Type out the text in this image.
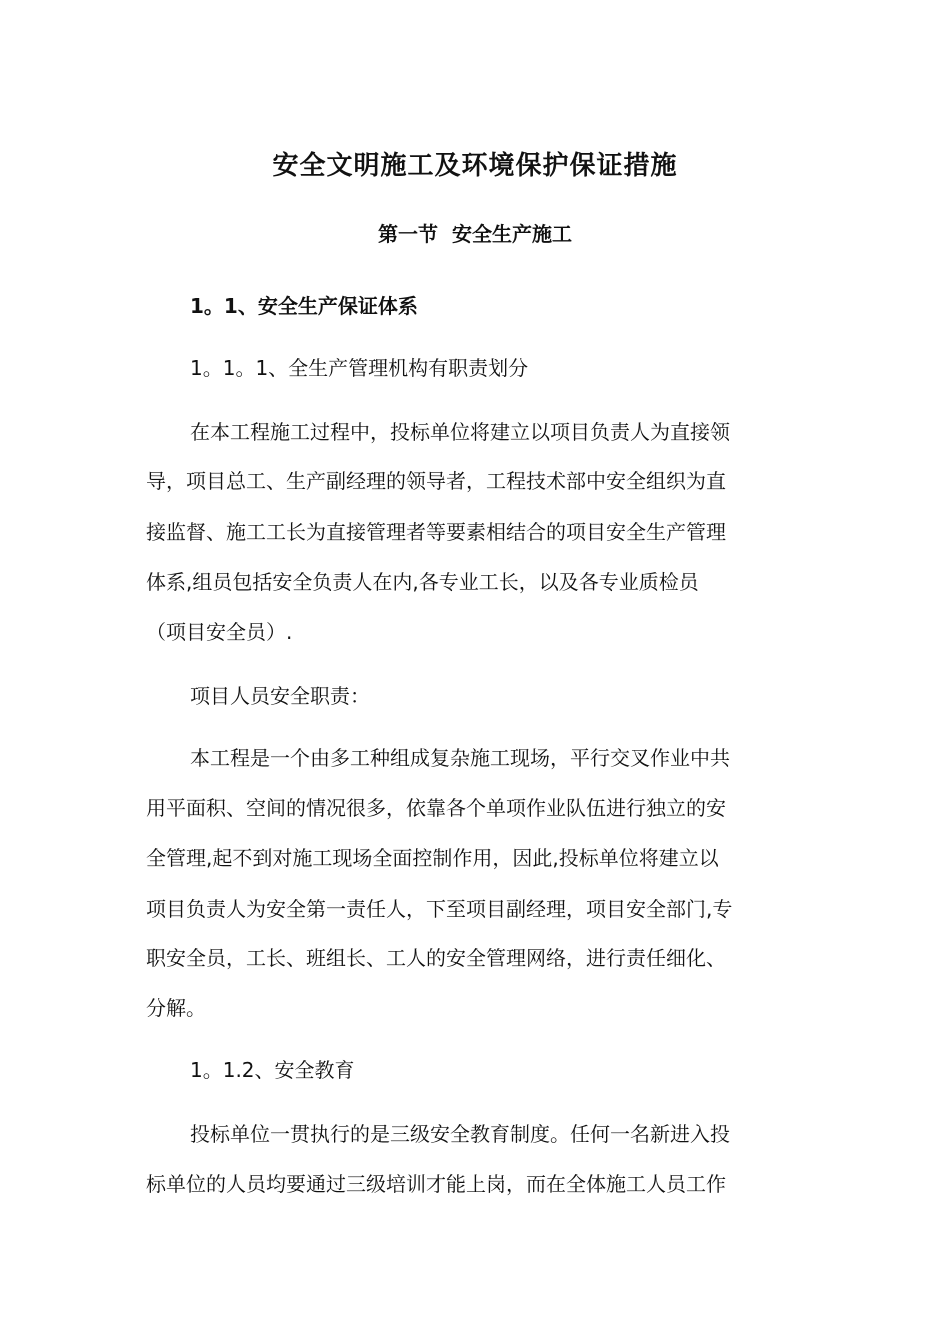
安全文明施工及环境保护保证措施
第一节  安全生产施工
1。1、安全生产保证体系

1。1。1、全生产管理机构有职责划分

在本工程施工过程中，投标单位将建立以项目负责人为直接领

导，项目总工、生产副经理的领导者，工程技术部中安全组织为直

接监督、施工工长为直接管理者等要素相结合的项目安全生产管理

体系,组员包括安全负责人在内,各专业工长，以及各专业质检员

（项目安全员）.

项目人员安全职责：

本工程是一个由多工种组成复杂施工现场，平行交叉作业中共

用平面积、空间的情况很多，依靠各个单项作业队伍进行独立的安

全管理,起不到对施工现场全面控制作用，因此,投标单位将建立以

项目负责人为安全第一责任人，下至项目副经理，项目安全部门,专

职安全员，工长、班组长、工人的安全管理网络，进行责任细化、

分解。

1。1.2、安全教育

投标单位一贯执行的是三级安全教育制度。任何一名新进入投

标单位的人员均要通过三级培训才能上岗，而在全体施工人员工作
